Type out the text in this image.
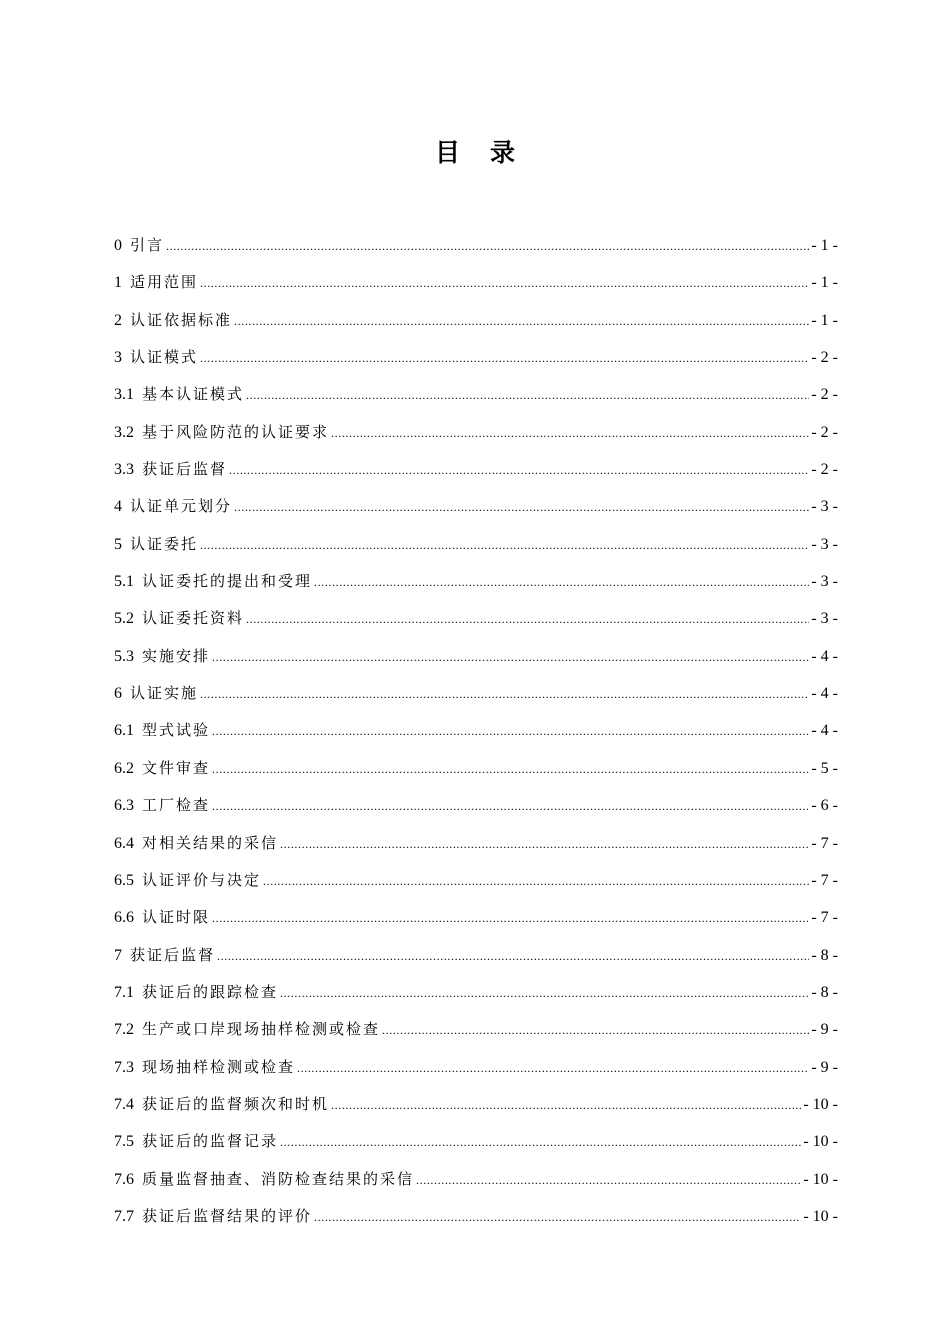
目录
0 引言 .....	- 1 -
1 适用范围 .....	- 1 -
2 认证依据标准 .....	- 1 -
3 认证模式 .....	- 2 -
3.1 基本认证模式 .....	- 2 -
3.2 基于风险防范的认证要求 .....	- 2 -
3.3 获证后监督 .....	- 2 -
4 认证单元划分 .....	- 3 -
5 认证委托 .....	- 3 -
5.1 认证委托的提出和受理 .....	- 3 -
5.2 认证委托资料 .....	- 3 -
5.3 实施安排 .....	- 4 -
6 认证实施 .....	- 4 -
6.1 型式试验 .....	- 4 -
6.2 文件审查 .....	- 5 -
6.3 工厂检查 .....	- 6 -
6.4 对相关结果的采信 .....	- 7 -
6.5 认证评价与决定 .....	- 7 -
6.6 认证时限 .....	- 7 -
7 获证后监督 .....	- 8 -
7.1 获证后的跟踪检查 .....	- 8 -
7.2 生产或口岸现场抽样检测或检查 .....	- 9 -
7.3 现场抽样检测或检查 .....	- 9 -
7.4 获证后的监督频次和时机 .....	- 10 -
7.5 获证后的监督记录 .....	- 10 -
7.6 质量监督抽查、消防检查结果的采信 .....	- 10 -
7.7 获证后监督结果的评价 .....	- 10 -
